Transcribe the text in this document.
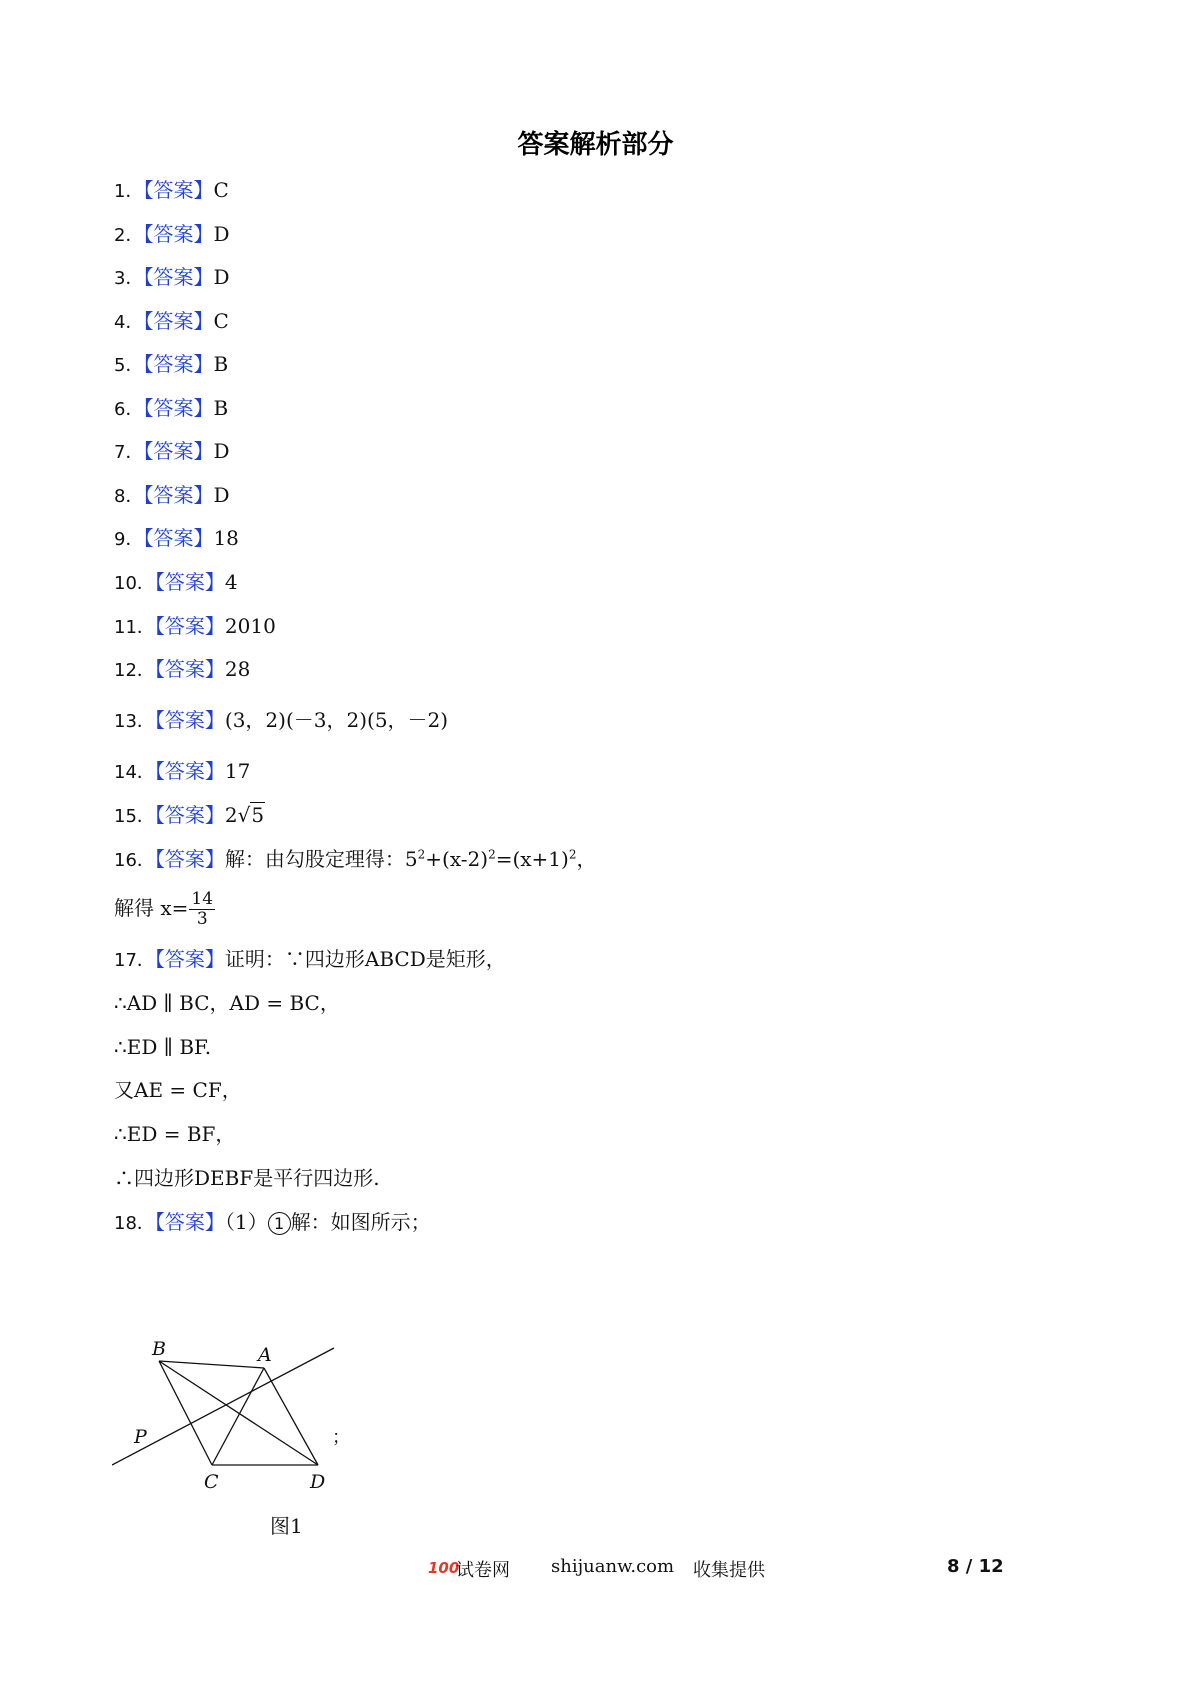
答案解析部分
1．【答案】C
2．【答案】D
3．【答案】D
4．【答案】C
5．【答案】B
6．【答案】B
7．【答案】D
8．【答案】D
9．【答案】18
10．【答案】4
11．【答案】2010
12．【答案】28
13．【答案】(3，2)(－3，2)(5，－2)
14．【答案】17
15．【答案】2√5
16．【答案】解：由勾股定理得：$5^2+(x-2)^2=(x+1)^2$，
解得 $x= \frac{14}{3}$
17．【答案】证明：∵四边形ABCD是矩形，
∴AD ∥ BC，AD = BC，
∴ED ∥ BF.
又AE = CF，
∴ED = BF，
∴四边形DEBF是平行四边形.
18．【答案】（1） 1 解：如图所示；
B	A
P
C	D
；
图1
100
试卷网 shijuanw.com 收集提供	8 / 12
